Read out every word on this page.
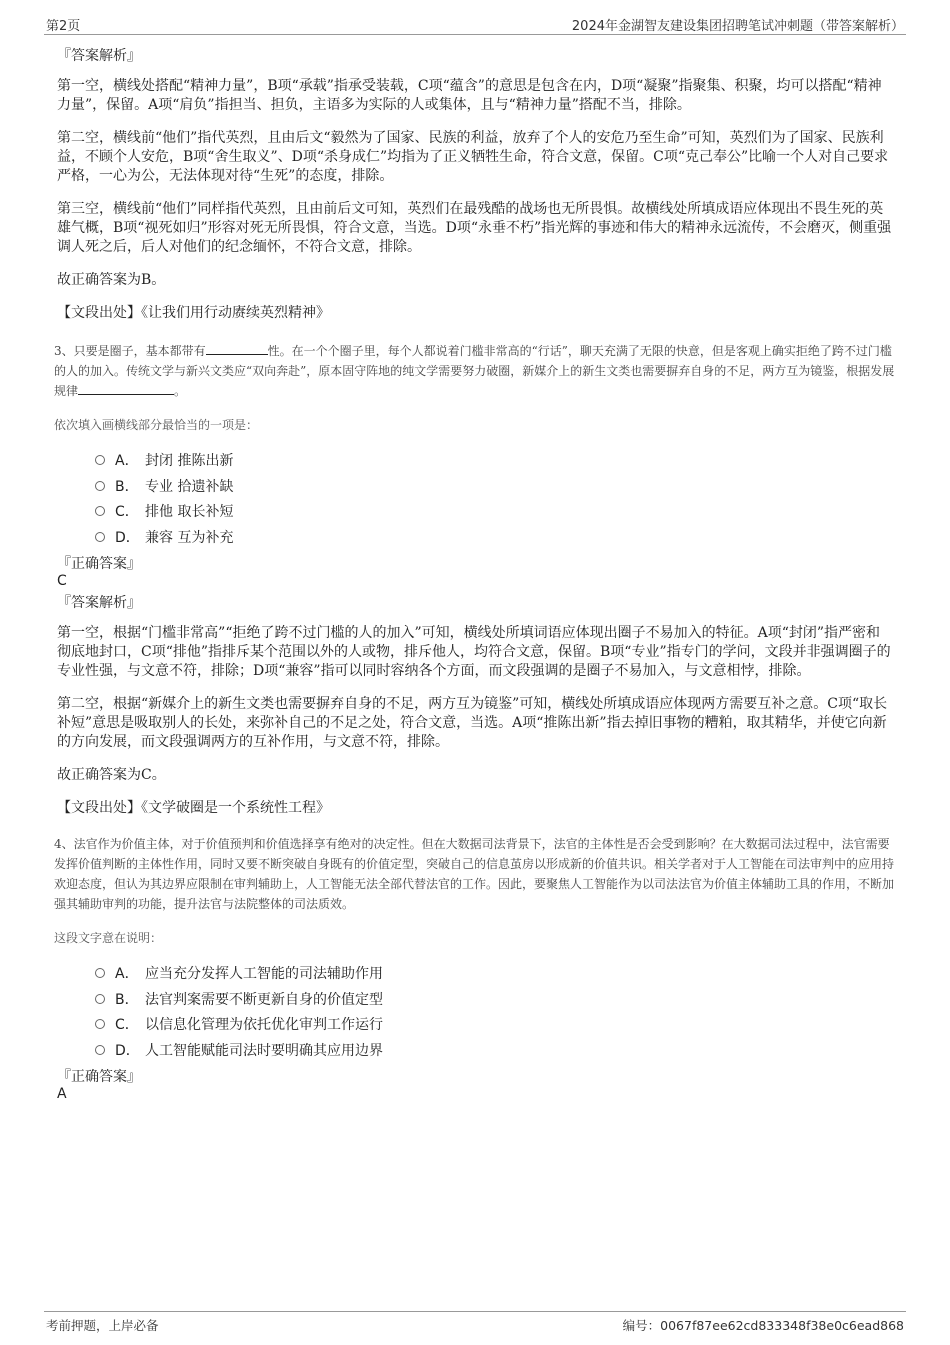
第2页	2024年金湖智友建设集团招聘笔试冲刺题（带答案解析）

『答案解析』

第一空，横线处搭配“精神力量”，B项“承载”指承受装载，C项“蕴含”的意思是包含在内，D项“凝聚”指聚集、积聚，均可以搭配“精神力量”，保留。A项“肩负”指担当、担负，主语多为实际的人或集体，且与“精神力量”搭配不当，排除。

第二空，横线前“他们”指代英烈，且由后文“毅然为了国家、民族的利益，放弃了个人的安危乃至生命”可知，英烈们为了国家、民族利益，不顾个人安危，B项“舍生取义”、D项“杀身成仁”均指为了正义牺牲生命，符合文意，保留。C项“克己奉公”比喻一个人对自己要求严格，一心为公，无法体现对待“生死”的态度，排除。

第三空，横线前“他们”同样指代英烈，且由前后文可知，英烈们在最残酷的战场也无所畏惧。故横线处所填成语应体现出不畏生死的英雄气概，B项“视死如归”形容对死无所畏惧，符合文意，当选。D项“永垂不朽”指光辉的事迹和伟大的精神永远流传，不会磨灭，侧重强调人死之后，后人对他们的纪念缅怀，不符合文意，排除。

故正确答案为B。

【文段出处】《让我们用行动赓续英烈精神》

3、只要是圈子，基本都带有	性。在一个个圈子里，每个人都说着门槛非常高的“行话”，聊天充满了无限的快意，但是客观上确实拒绝了跨不过门槛的人的加入。传统文学与新兴文类应“双向奔赴”，原本固守阵地的纯文学需要努力破圈，新媒介上的新生文类也需要摒弃自身的不足，两方互为镜鉴，根据发展规律	。

依次填入画横线部分最恰当的一项是：

A． 封闭 推陈出新
B． 专业 拾遗补缺
C． 排他 取长补短
D． 兼容 互为补充

『正确答案』

C

『答案解析』

第一空，根据“门槛非常高”“拒绝了跨不过门槛的人的加入”可知，横线处所填词语应体现出圈子不易加入的特征。A项“封闭”指严密和彻底地封口，C项“排他”指排斥某个范围以外的人或物，排斥他人，均符合文意，保留。B项“专业”指专门的学问，文段并非强调圈子的专业性强，与文意不符，排除；D项“兼容”指可以同时容纳各个方面，而文段强调的是圈子不易加入，与文意相悖，排除。

第二空，根据“新媒介上的新生文类也需要摒弃自身的不足，两方互为镜鉴”可知，横线处所填成语应体现两方需要互补之意。C项“取长补短”意思是吸取别人的长处，来弥补自己的不足之处，符合文意，当选。A项“推陈出新”指去掉旧事物的糟粕，取其精华，并使它向新的方向发展，而文段强调两方的互补作用，与文意不符，排除。

故正确答案为C。

【文段出处】《文学破圈是一个系统性工程》

4、法官作为价值主体，对于价值预判和价值选择享有绝对的决定性。但在大数据司法背景下，法官的主体性是否会受到影响？在大数据司法过程中，法官需要发挥价值判断的主体性作用，同时又要不断突破自身既有的价值定型，突破自己的信息茧房以形成新的价值共识。相关学者对于人工智能在司法审判中的应用持欢迎态度，但认为其边界应限制在审判辅助上，人工智能无法全部代替法官的工作。因此，要聚焦人工智能作为以司法法官为价值主体辅助工具的作用，不断加强其辅助审判的功能，提升法官与法院整体的司法质效。

这段文字意在说明：

A． 应当充分发挥人工智能的司法辅助作用
B． 法官判案需要不断更新自身的价值定型
C． 以信息化管理为依托优化审判工作运行
D． 人工智能赋能司法时要明确其应用边界

『正确答案』

A

考前押题，上岸必备	编号：0067f87ee62cd833348f38e0c6ead868
